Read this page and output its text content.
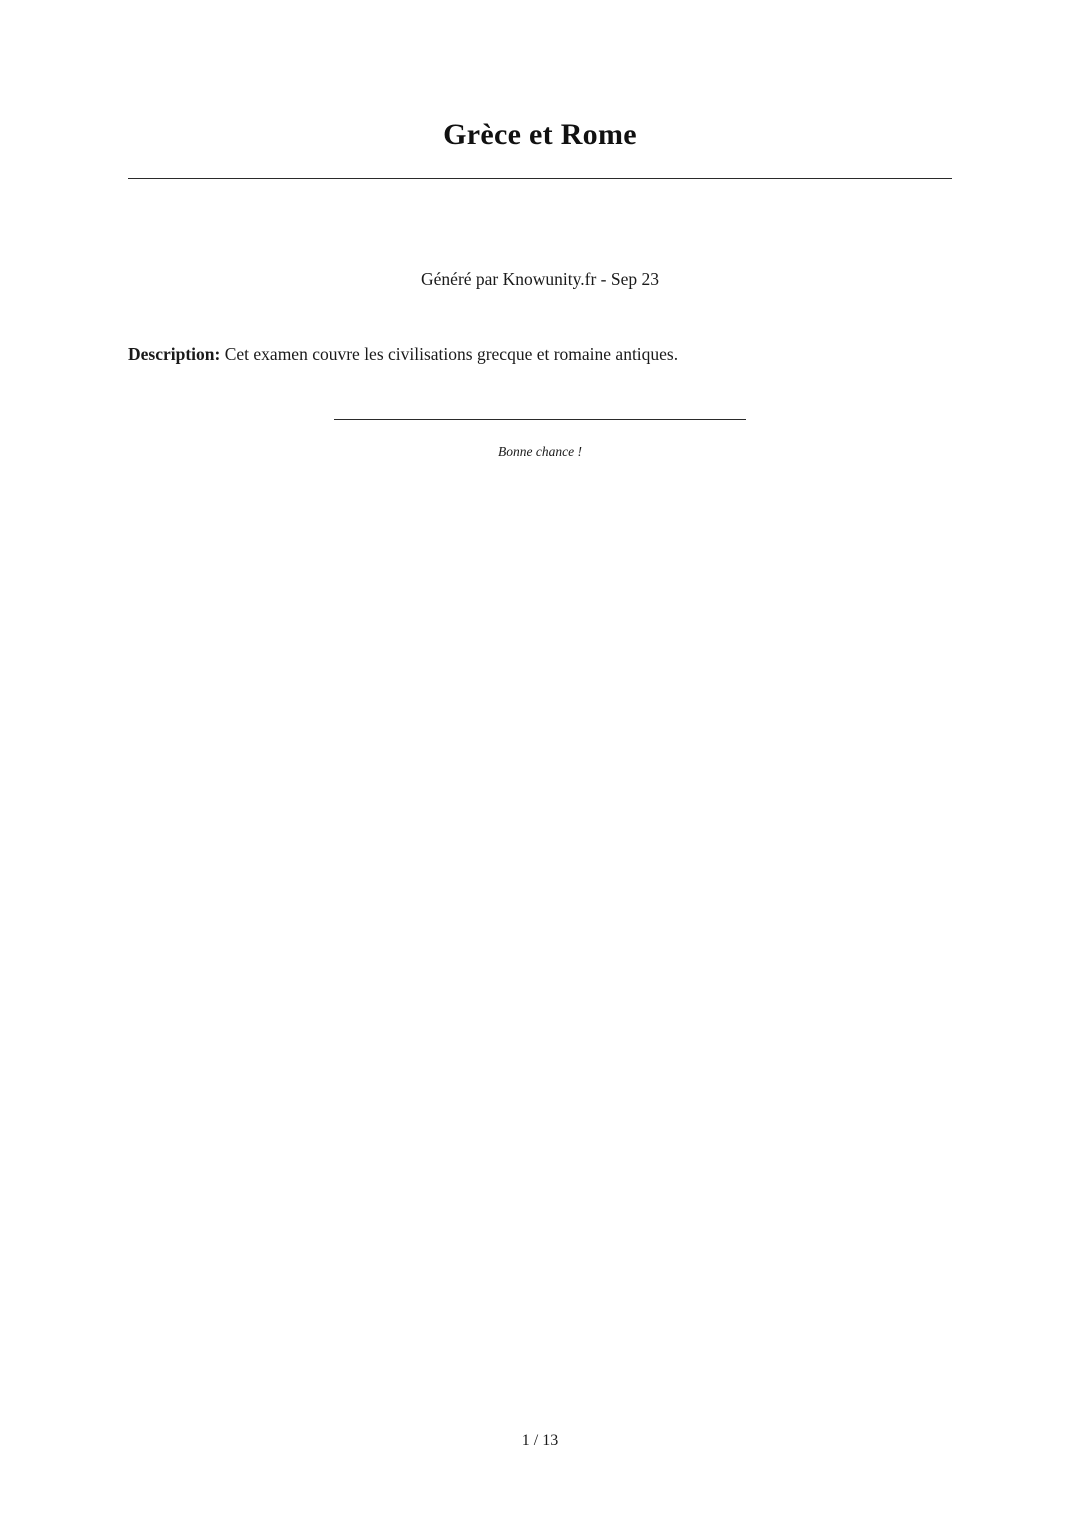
Grèce et Rome
Généré par Knowunity.fr - Sep 23

Description: Cet examen couvre les civilisations grecque et romaine antiques.

Bonne chance !
1 / 13
